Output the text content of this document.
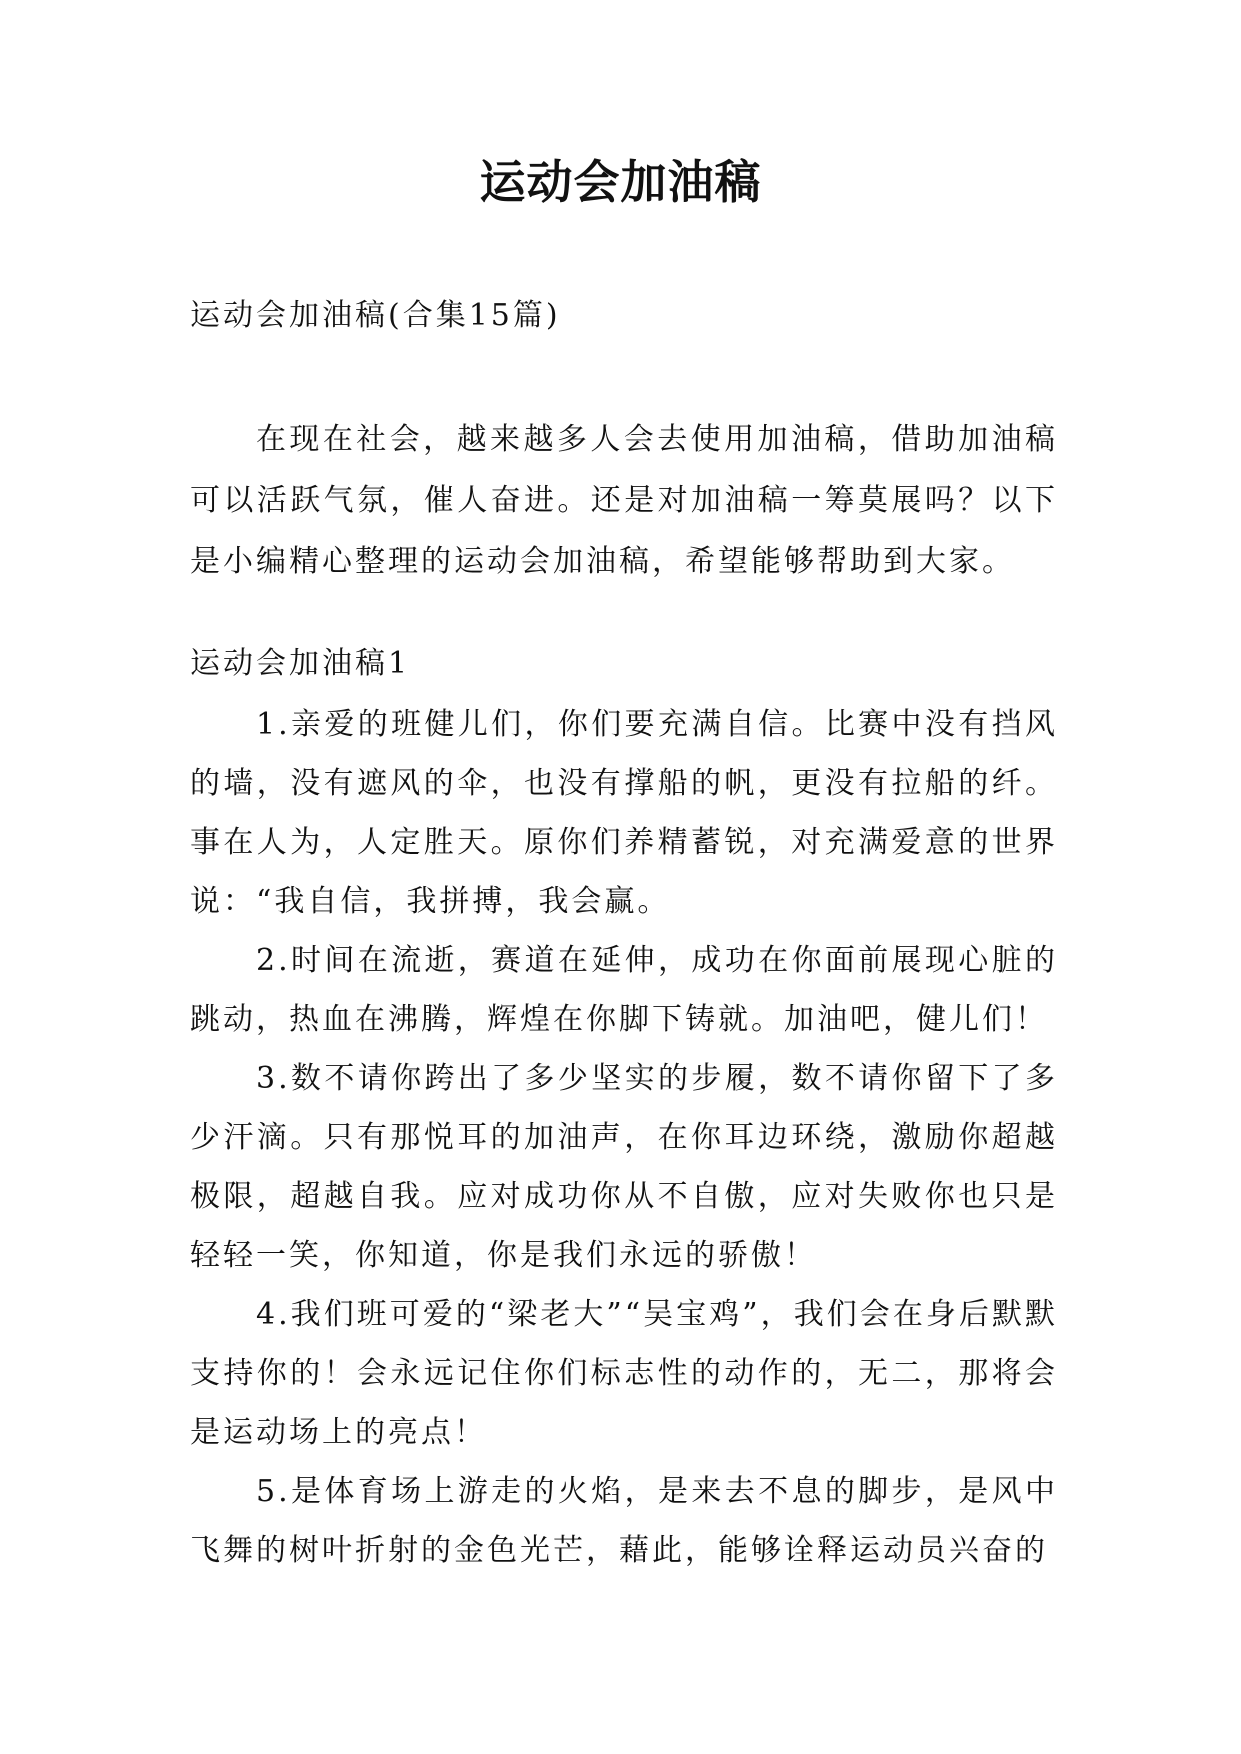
运动会加油稿

运动会加油稿(合集15篇)

在现在社会，越来越多人会去使用加油稿，借助加油稿可以活跃气氛，催人奋进。还是对加油稿一筹莫展吗？以下是小编精心整理的运动会加油稿，希望能够帮助到大家。

运动会加油稿1

1.亲爱的班健儿们，你们要充满自信。比赛中没有挡风的墙，没有遮风的伞，也没有撑船的帆，更没有拉船的纤。事在人为，人定胜天。原你们养精蓄锐，对充满爱意的世界说：“我自信，我拼搏，我会赢。

2.时间在流逝，赛道在延伸，成功在你面前展现心脏的跳动，热血在沸腾，辉煌在你脚下铸就。加油吧，健儿们！

3.数不请你跨出了多少坚实的步履，数不请你留下了多少汗滴。只有那悦耳的加油声，在你耳边环绕，激励你超越极限，超越自我。应对成功你从不自傲，应对失败你也只是轻轻一笑，你知道，你是我们永远的骄傲！

4.我们班可爱的“梁老大”“吴宝鸡”，我们会在身后默默支持你的！会永远记住你们标志性的动作的，无二，那将会是运动场上的亮点！

5.是体育场上游走的火焰，是来去不息的脚步，是风中飞舞的树叶折射的金色光芒，藉此，能够诠释运动员兴奋的
